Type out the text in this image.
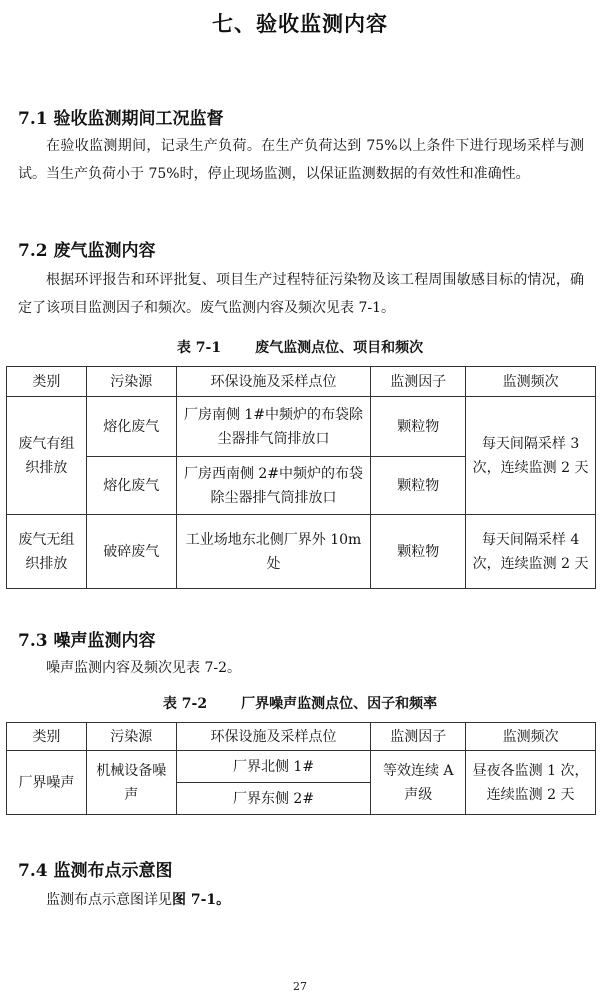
七、验收监测内容
7.1 验收监测期间工况监督
在验收监测期间，记录生产负荷。在生产负荷达到 75%以上条件下进行现场采样与测试。当生产负荷小于 75%时，停止现场监测，以保证监测数据的有效性和准确性。
7.2 废气监测内容
根据环评报告和环评批复、项目生产过程特征污染物及该工程周围敏感目标的情况，确定了该项目监测因子和频次。废气监测内容及频次见表 7-1。
表 7-1 废气监测点位、项目和频次
类别	污染源	环保设施及采样点位	监测因子	监测频次
废气有组织排放	熔化废气	厂房南侧 1#中频炉的布袋除尘器排气筒排放口	颗粒物	每天间隔采样 3 次，连续监测 2 天
	熔化废气	厂房西南侧 2#中频炉的布袋除尘器排气筒排放口	颗粒物	
废气无组织排放	破碎废气	工业场地东北侧厂界外 10m 处	颗粒物	每天间隔采样 4 次，连续监测 2 天
7.3 噪声监测内容
噪声监测内容及频次见表 7-2。
表 7-2 厂界噪声监测点位、因子和频率
类别	污染源	环保设施及采样点位	监测因子	监测频次
厂界噪声	机械设备噪声	厂界北侧 1#	等效连续 A 声级	昼夜各监测 1 次，连续监测 2 天
		厂界东侧 2#		
7.4 监测布点示意图
监测布点示意图详见图 7-1。
27
